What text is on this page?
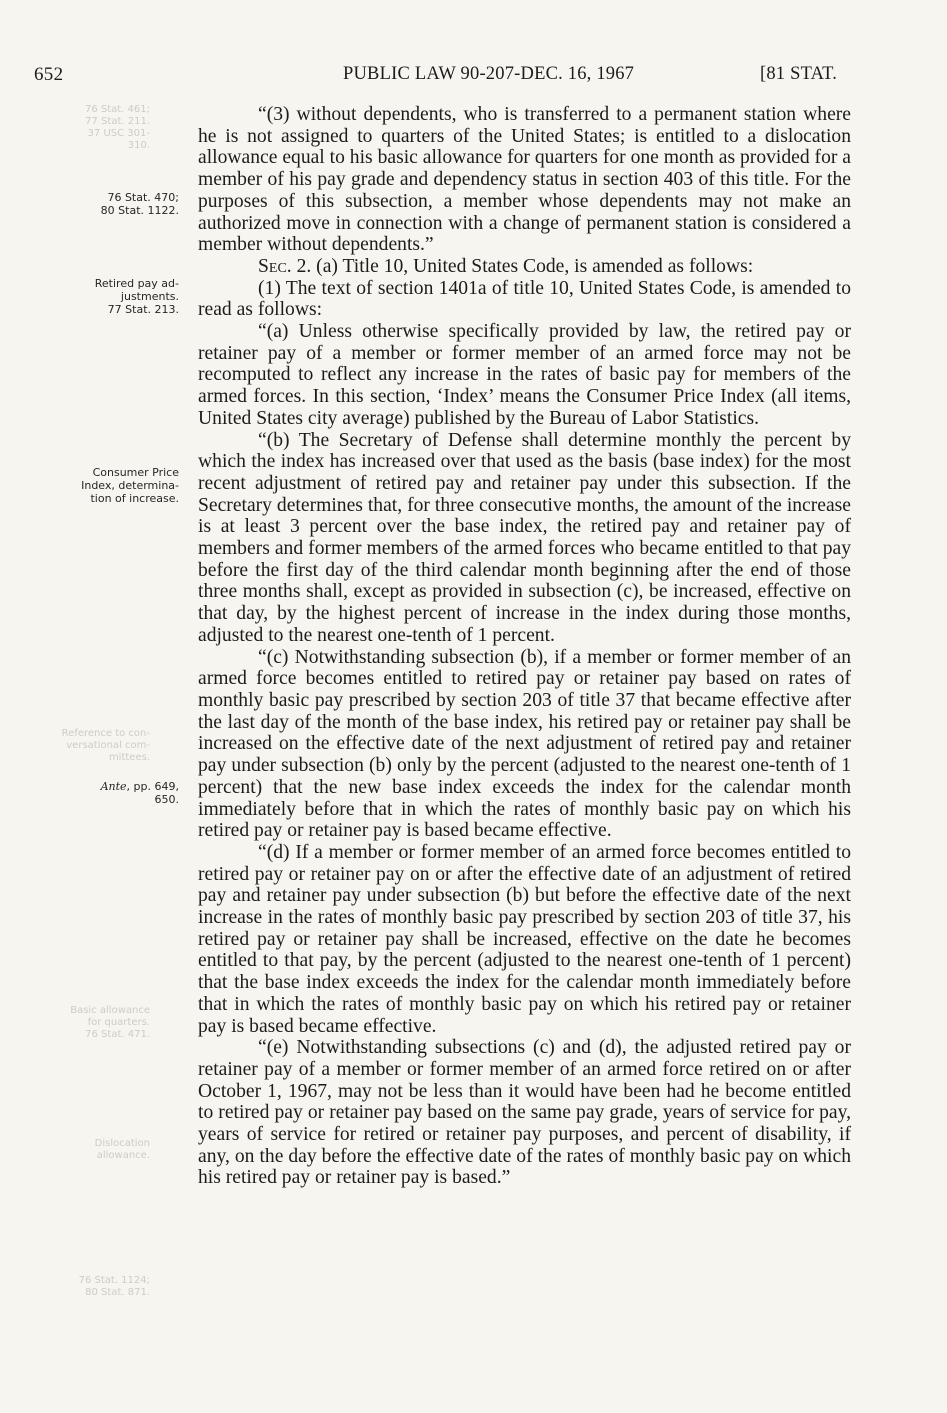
652	PUBLIC LAW 90-207-DEC. 16, 1967	[81 STAT.
76 Stat. 461;
77 Stat. 211.
37 USC 301-
310.
Reference to con-
versational com-
mittees.
Basic allowance
for quarters.
76 Stat. 471.
Dislocation
allowance.
76 Stat. 1124;
80 Stat. 871.
76 Stat. 470;
80 Stat. 1122.
Retired pay ad-
justments.
77 Stat. 213.
Consumer Price
Index, determina-
tion of increase.
Ante, pp. 649,
650.

“(3) without dependents, who is transferred to a permanent station where he is not assigned to quarters of the United States; is entitled to a dislocation allowance equal to his basic allowance for quarters for one month as provided for a member of his pay grade and dependency status in section 403 of this title. For the purposes of this subsection, a member whose dependents may not make an authorized move in connection with a change of permanent station is considered a member without dependents.”

Sec. 2. (a) Title 10, United States Code, is amended as follows:

(1) The text of section 1401a of title 10, United States Code, is amended to read as follows:

“(a) Unless otherwise specifically provided by law, the retired pay or retainer pay of a member or former member of an armed force may not be recomputed to reflect any increase in the rates of basic pay for members of the armed forces. In this section, ‘Index’ means the Consumer Price Index (all items, United States city average) published by the Bureau of Labor Statistics.

“(b) The Secretary of Defense shall determine monthly the percent by which the index has increased over that used as the basis (base index) for the most recent adjustment of retired pay and retainer pay under this subsection. If the Secretary determines that, for three consecutive months, the amount of the increase is at least 3 percent over the base index, the retired pay and retainer pay of members and former members of the armed forces who became entitled to that pay before the first day of the third calendar month beginning after the end of those three months shall, except as provided in subsection (c), be increased, effective on that day, by the highest percent of increase in the index during those months, adjusted to the nearest one-tenth of 1 percent.

“(c) Notwithstanding subsection (b), if a member or former member of an armed force becomes entitled to retired pay or retainer pay based on rates of monthly basic pay prescribed by section 203 of title 37 that became effective after the last day of the month of the base index, his retired pay or retainer pay shall be increased on the effective date of the next adjustment of retired pay and retainer pay under subsection (b) only by the percent (adjusted to the nearest one-tenth of 1 percent) that the new base index exceeds the index for the calendar month immediately before that in which the rates of monthly basic pay on which his retired pay or retainer pay is based became effective.

“(d) If a member or former member of an armed force becomes entitled to retired pay or retainer pay on or after the effective date of an adjustment of retired pay and retainer pay under subsection (b) but before the effective date of the next increase in the rates of monthly basic pay prescribed by section 203 of title 37, his retired pay or retainer pay shall be increased, effective on the date he becomes entitled to that pay, by the percent (adjusted to the nearest one-tenth of 1 percent) that the base index exceeds the index for the calendar month immediately before that in which the rates of monthly basic pay on which his retired pay or retainer pay is based became effective.

“(e) Notwithstanding subsections (c) and (d), the adjusted retired pay or retainer pay of a member or former member of an armed force retired on or after October 1, 1967, may not be less than it would have been had he become entitled to retired pay or retainer pay based on the same pay grade, years of service for pay, years of service for retired or retainer pay purposes, and percent of disability, if any, on the day before the effective date of the rates of monthly basic pay on which his retired pay or retainer pay is based.”
